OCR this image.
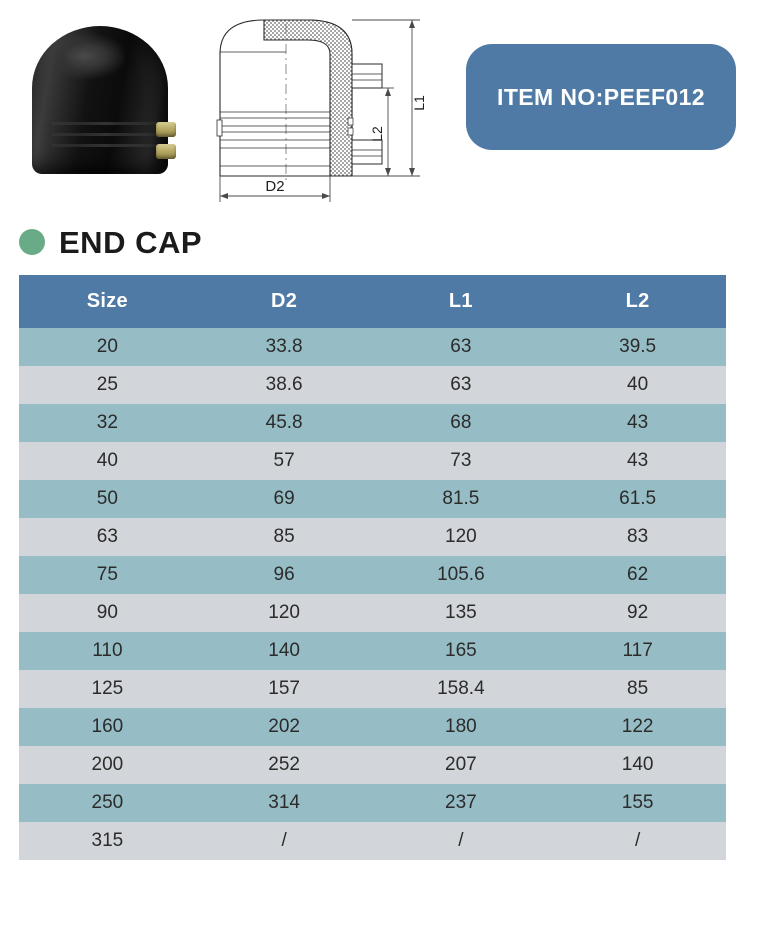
L1
L2
D2
ITEM NO:PEEF012
END CAP
Size	D2	L1	L2
20	33.8	63	39.5
25	38.6	63	40
32	45.8	68	43
40	57	73	43
50	69	81.5	61.5
63	85	120	83
75	96	105.6	62
90	120	135	92
110	140	165	117
125	157	158.4	85
160	202	180	122
200	252	207	140
250	314	237	155
315	/	/	/
